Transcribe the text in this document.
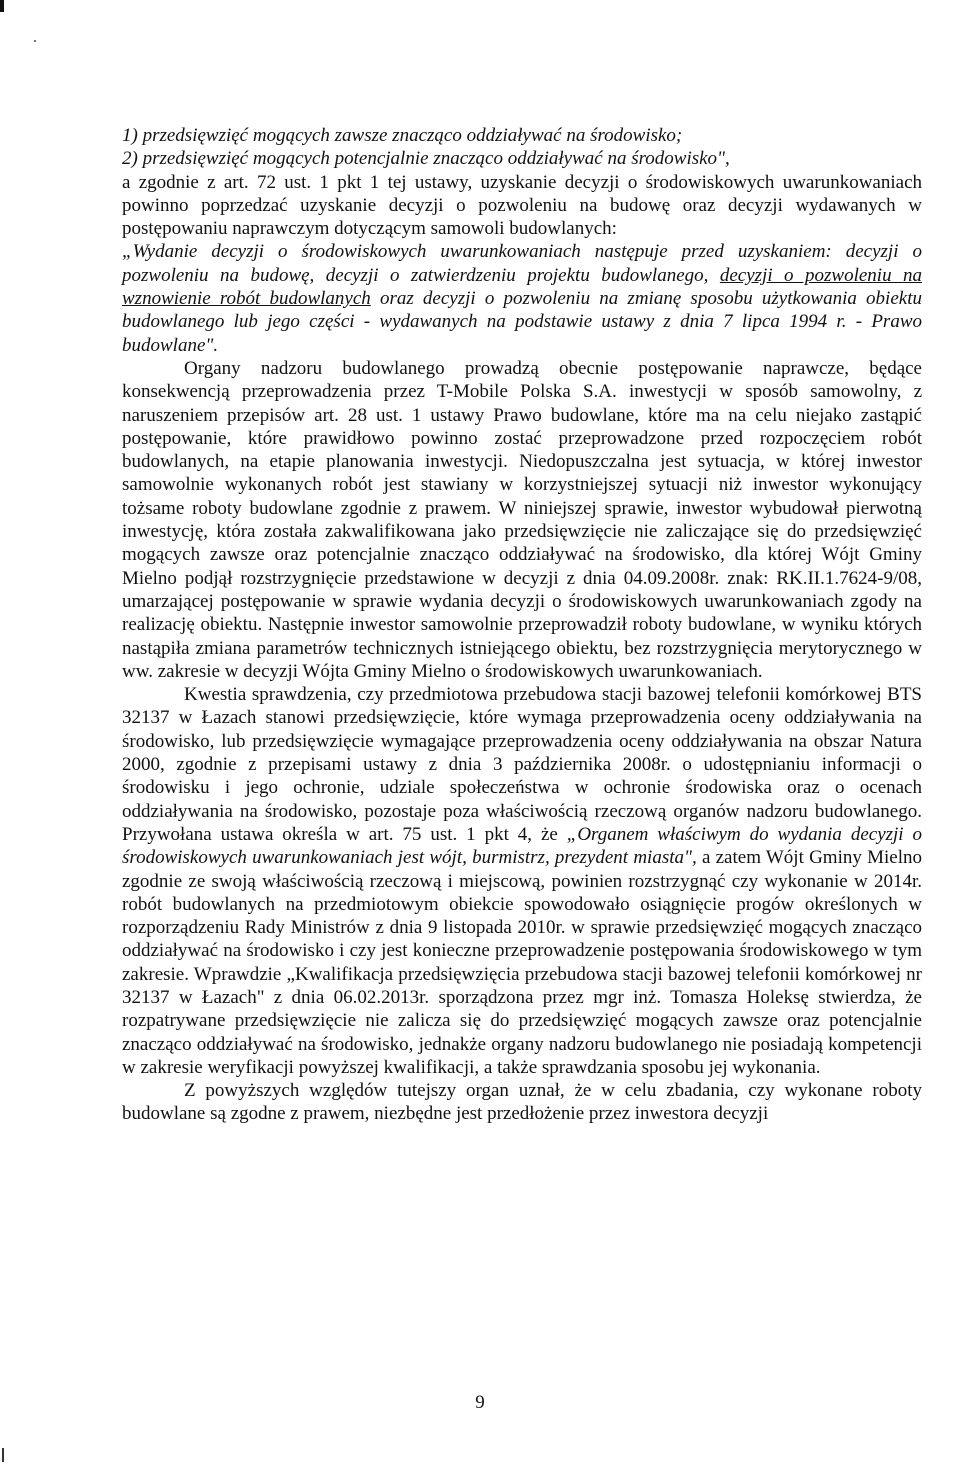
1) przedsięwzięć mogących zawsze znacząco oddziaływać na środowisko;

2) przedsięwzięć mogących potencjalnie znacząco oddziaływać na środowisko",

a zgodnie z art. 72 ust. 1 pkt 1 tej ustawy, uzyskanie decyzji o środowiskowych uwarunkowaniach powinno poprzedzać uzyskanie decyzji o pozwoleniu na budowę oraz decyzji wydawanych w postępowaniu naprawczym dotyczącym samowoli budowlanych:

„Wydanie decyzji o środowiskowych uwarunkowaniach następuje przed uzyskaniem: decyzji o pozwoleniu na budowę, decyzji o zatwierdzeniu projektu budowlanego, decyzji o pozwoleniu na wznowienie robót budowlanych oraz decyzji o pozwoleniu na zmianę sposobu użytkowania obiektu budowlanego lub jego części - wydawanych na podstawie ustawy z dnia 7 lipca 1994 r. - Prawo budowlane".

Organy nadzoru budowlanego prowadzą obecnie postępowanie naprawcze, będące konsekwencją przeprowadzenia przez T-Mobile Polska S.A. inwestycji w sposób samowolny, z naruszeniem przepisów art. 28 ust. 1 ustawy Prawo budowlane, które ma na celu niejako zastąpić postępowanie, które prawidłowo powinno zostać przeprowadzone przed rozpoczęciem robót budowlanych, na etapie planowania inwestycji. Niedopuszczalna jest sytuacja, w której inwestor samowolnie wykonanych robót jest stawiany w korzystniejszej sytuacji niż inwestor wykonujący tożsame roboty budowlane zgodnie z prawem. W niniejszej sprawie, inwestor wybudował pierwotną inwestycję, która została zakwalifikowana jako przedsięwzięcie nie zaliczające się do przedsięwzięć mogących zawsze oraz potencjalnie znacząco oddziaływać na środowisko, dla której Wójt Gminy Mielno podjął rozstrzygnięcie przedstawione w decyzji z dnia 04.09.2008r. znak: RK.II.1.7624-9/08, umarzającej postępowanie w sprawie wydania decyzji o środowiskowych uwarunkowaniach zgody na realizację obiektu. Następnie inwestor samowolnie przeprowadził roboty budowlane, w wyniku których nastąpiła zmiana parametrów technicznych istniejącego obiektu, bez rozstrzygnięcia merytorycznego w ww. zakresie w decyzji Wójta Gminy Mielno o środowiskowych uwarunkowaniach.

Kwestia sprawdzenia, czy przedmiotowa przebudowa stacji bazowej telefonii komórkowej BTS 32137 w Łazach stanowi przedsięwzięcie, które wymaga przeprowadzenia oceny oddziaływania na środowisko, lub przedsięwzięcie wymagające przeprowadzenia oceny oddziaływania na obszar Natura 2000, zgodnie z przepisami ustawy z dnia 3 października 2008r. o udostępnianiu informacji o środowisku i jego ochronie, udziale społeczeństwa w ochronie środowiska oraz o ocenach oddziaływania na środowisko, pozostaje poza właściwością rzeczową organów nadzoru budowlanego. Przywołana ustawa określa w art. 75 ust. 1 pkt 4, że „Organem właściwym do wydania decyzji o środowiskowych uwarunkowaniach jest wójt, burmistrz, prezydent miasta", a zatem Wójt Gminy Mielno zgodnie ze swoją właściwością rzeczową i miejscową, powinien rozstrzygnąć czy wykonanie w 2014r. robót budowlanych na przedmiotowym obiekcie spowodowało osiągnięcie progów określonych w rozporządzeniu Rady Ministrów z dnia 9 listopada 2010r. w sprawie przedsięwzięć mogących znacząco oddziaływać na środowisko i czy jest konieczne przeprowadzenie postępowania środowiskowego w tym zakresie. Wprawdzie „Kwalifikacja przedsięwzięcia przebudowa stacji bazowej telefonii komórkowej nr 32137 w Łazach" z dnia 06.02.2013r. sporządzona przez mgr inż. Tomasza Holeksę stwierdza, że rozpatrywane przedsięwzięcie nie zalicza się do przedsięwzięć mogących zawsze oraz potencjalnie znacząco oddziaływać na środowisko, jednakże organy nadzoru budowlanego nie posiadają kompetencji w zakresie weryfikacji powyższej kwalifikacji, a także sprawdzania sposobu jej wykonania.

Z powyższych względów tutejszy organ uznał, że w celu zbadania, czy wykonane roboty budowlane są zgodne z prawem, niezbędne jest przedłożenie przez inwestora decyzji

9
